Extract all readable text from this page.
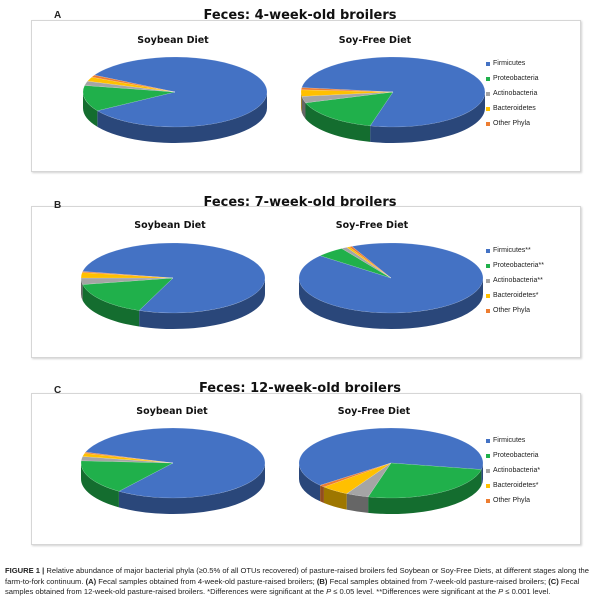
A	Feces: 4-week-old broilers
Soybean Diet	Soy-Free Diet
Firmicutes
Proteobacteria
Actinobacteria
Bacteroidetes
Other Phyla
B	Feces: 7-week-old broilers
Soybean Diet	Soy-Free Diet
Firmicutes**
Proteobacteria**
Actinobacteria**
Bacteroidetes*
Other Phyla
C	Feces: 12-week-old broilers
Soybean Diet	Soy-Free Diet
Firmicutes
Proteobacteria
Actinobacteria*
Bacteroidetes*
Other Phyla
FIGURE 1 | Relative abundance of major bacterial phyla (≥0.5% of all OTUs recovered) of pasture-raised broilers fed Soybean or Soy-Free Diets, at different stages along the farm-to-fork continuum. (A) Fecal samples obtained from 4-week-old pasture-raised broilers; (B) Fecal samples obtained from 7-week-old pasture-raised broilers; (C) Fecal samples obtained from 12-week-old pasture-raised broilers. *Differences were significant at the P ≤ 0.05 level. **Differences were significant at the P ≤ 0.001 level.
